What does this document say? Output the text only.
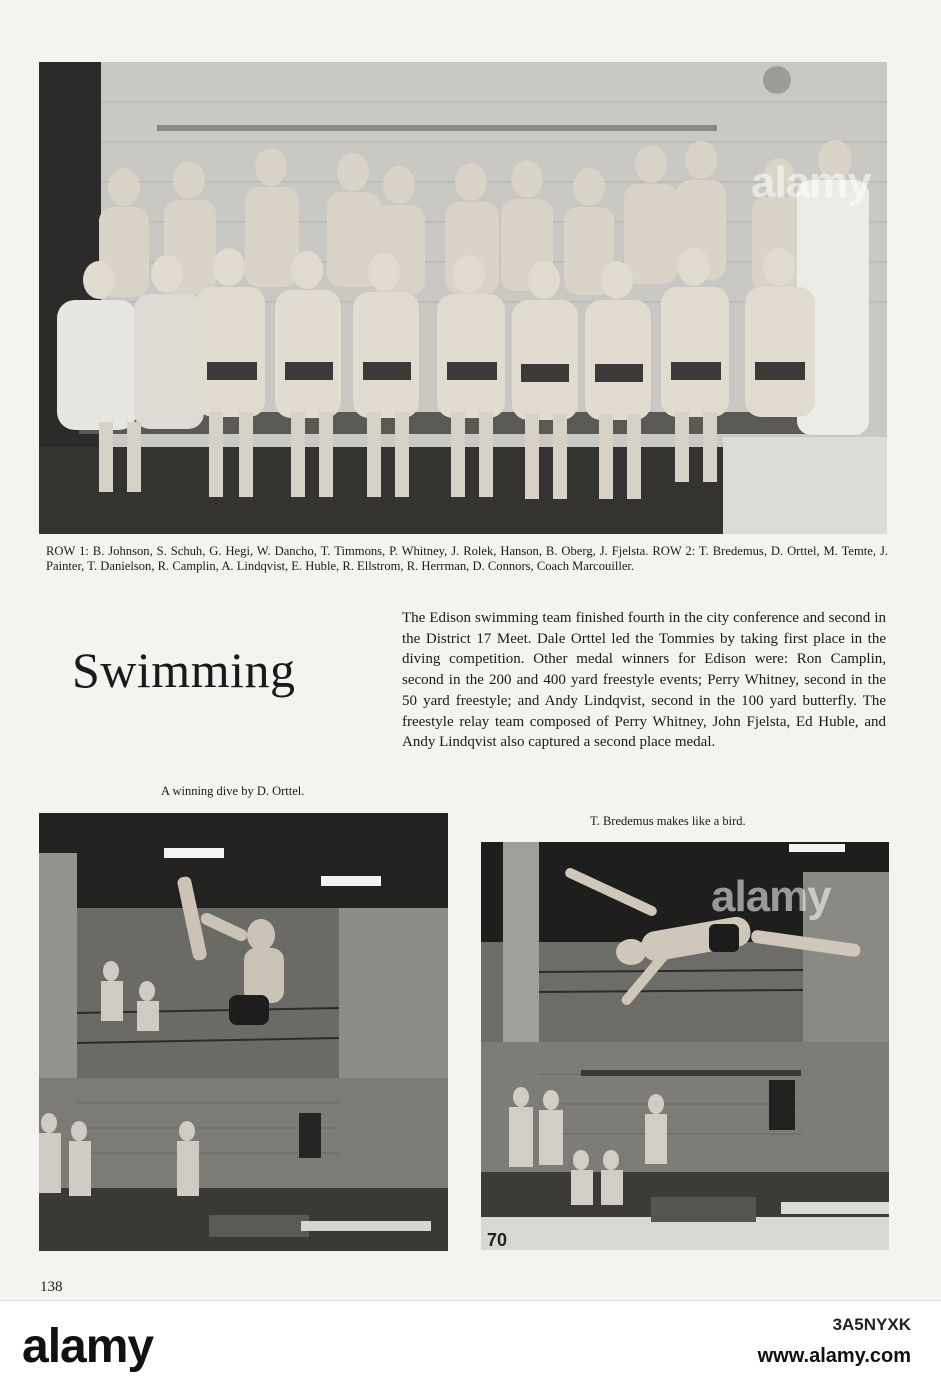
alamy
ROW 1: B. Johnson, S. Schuh, G. Hegi, W. Dancho, T. Timmons, P. Whitney, J. Rolek, Hanson, B. Oberg, J. Fjelsta. ROW 2: T. Bredemus, D. Orttel, M. Temte, J. Painter, T. Danielson, R. Camplin, A. Lindqvist, E. Huble, R. Ellstrom, R. Herrman, D. Connors, Coach Marcouiller.
Swimming
The Edison swimming team finished fourth in the city conference and second in the District 17 Meet. Dale Orttel led the Tommies by taking first place in the diving competition. Other medal winners for Edison were: Ron Camplin, second in the 200 and 400 yard freestyle events; Perry Whitney, second in the 50 yard freestyle; and Andy Lindqvist, second in the 100 yard butterfly. The freestyle relay team composed of Perry Whitney, John Fjelsta, Ed Huble, and Andy Lindqvist also captured a second place medal.
A winning dive by D. Orttel.
T. Bredemus makes like a bird.
70
alamy
138
alamy	3A5NYXK
www.alamy.com
